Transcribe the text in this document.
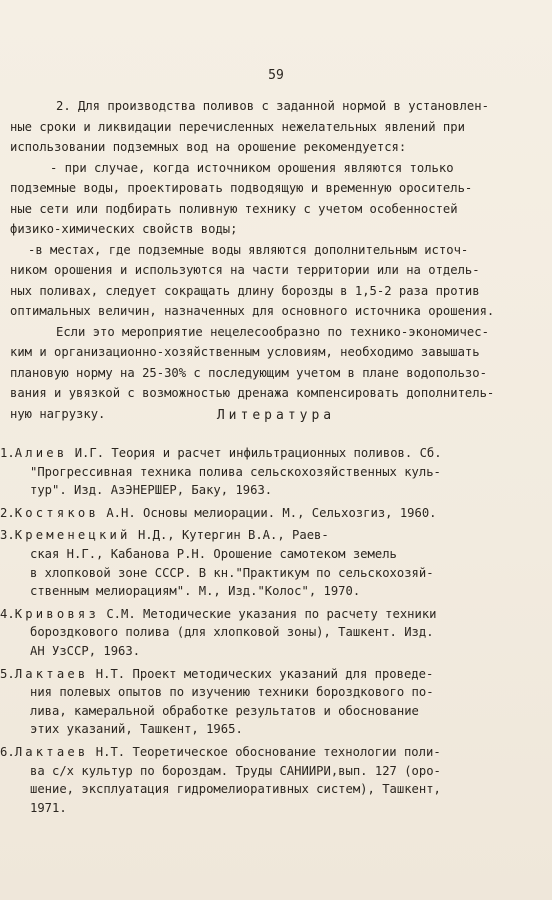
59
2. Для производства поливов с заданной нормой в установлен-
ные сроки и ликвидации перечисленных нежелательных явлений при
использовании подземных вод на орошение рекомендуется:
- при случае, когда источником орошения являются только
подземные воды, проектировать подводящую и временную ороситель-
ные сети или подбирать поливную технику с учетом особенностей
физико-химических свойств воды;
-в местах, где подземные воды являются дополнительным источ-
ником орошения и используются на части территории или на отдель-
ных поливах, следует сокращать длину борозды в 1,5-2 раза против
оптимальных величин, назначенных для основного источника орошения.
Если это мероприятие нецелесообразно по технико-экономичес-
ким и организационно-хозяйственным условиям, необходимо завышать
плановую норму на 25-30% с последующим учетом в плане водопользо-
вания и увязкой с возможностью дренажа компенсировать дополнитель-
ную нагрузку.	Литература
1.Алиев И.Г. Теория и расчет инфильтрационных поливов. Сб.
"Прогрессивная техника полива сельскохозяйственных куль-
тур". Изд. АзЭНЕРШЕР, Баку, 1963.
2.Костяков А.Н. Основы мелиорации. М., Сельхозгиз, 1960.
3.Кременецкий Н.Д., Кутергин В.А., Раев-
ская Н.Г., Кабанова Р.Н. Орошение самотеком земель
в хлопковой зоне СССР. В кн."Практикум по сельскохозяй-
ственным мелиорациям". М., Изд."Колос", 1970.
4.Кривовяз С.М. Методические указания по расчету техники
бороздкового полива (для хлопковой зоны), Ташкент. Изд.
АН УзССР, 1963.
5.Лактаев Н.Т. Проект методических указаний для проведе-
ния полевых опытов по изучению техники бороздкового по-
лива, камеральной обработке результатов и обоснование
этих указаний, Ташкент, 1965.
6.Лактаев Н.Т. Теоретическое обоснование технологии поли-
ва с/х культур по бороздам. Труды САНИИРИ,вып. 127 (оро-
шение, эксплуатация гидромелиоративных систем), Ташкент,
1971.
